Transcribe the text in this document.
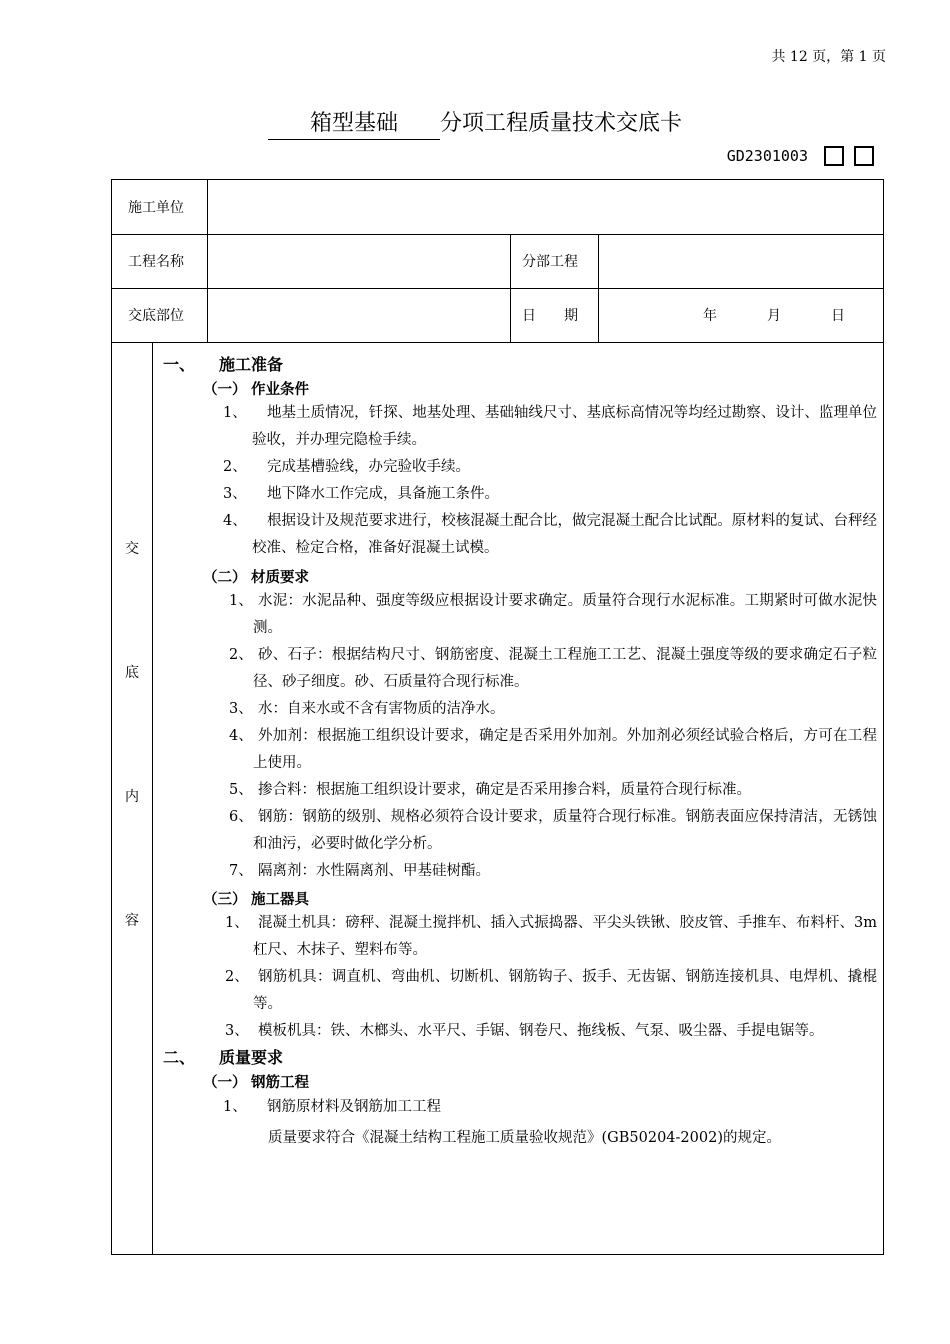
共 12 页，第 1 页
箱型基础 分项工程质量技术交底卡
GD2301003
施工单位
工程名称	分部工程
交底部位	日　　期	年	月	日
交
底
内
容
一、 施工准备
（一） 作业条件
1、	地基土质情况，钎探、地基处理、基础轴线尺寸、基底标高情况等均经过勘察、设计、监理单位验收，并办理完隐检手续。
2、 完成基槽验线，办完验收手续。
3、 地下降水工作完成，具备施工条件。
4、	根据设计及规范要求进行，校核混凝土配合比，做完混凝土配合比试配。原材料的复试、台秤经校准、检定合格，准备好混凝土试模。
（二） 材质要求
1、 水泥：水泥品种、强度等级应根据设计要求确定。质量符合现行水泥标准。工期紧时可做水泥快测。
2、 砂、石子：根据结构尺寸、钢筋密度、混凝土工程施工工艺、混凝土强度等级的要求确定石子粒径、砂子细度。砂、石质量符合现行标准。
3、 水：自来水或不含有害物质的洁净水。
4、 外加剂：根据施工组织设计要求，确定是否采用外加剂。外加剂必须经试验合格后，方可在工程上使用。
5、 掺合料：根据施工组织设计要求，确定是否采用掺合料，质量符合现行标准。
6、 钢筋：钢筋的级别、规格必须符合设计要求，质量符合现行标准。钢筋表面应保持清洁，无锈蚀和油污，必要时做化学分析。
7、 隔离剂：水性隔离剂、甲基硅树酯。
（三） 施工器具
1、 混凝土机具：磅秤、混凝土搅拌机、插入式振捣器、平尖头铁锹、胶皮管、手推车、布料杆、3m杠尺、木抹子、塑料布等。
2、 钢筋机具：调直机、弯曲机、切断机、钢筋钩子、扳手、无齿锯、钢筋连接机具、电焊机、撬棍等。
3、 模板机具：铁、木榔头、水平尺、手锯、钢卷尺、拖线板、气泵、吸尘器、手提电锯等。
二、 质量要求
（一） 钢筋工程
1、 钢筋原材料及钢筋加工工程
质量要求符合《混凝土结构工程施工质量验收规范》(GB50204-2002)的规定。
